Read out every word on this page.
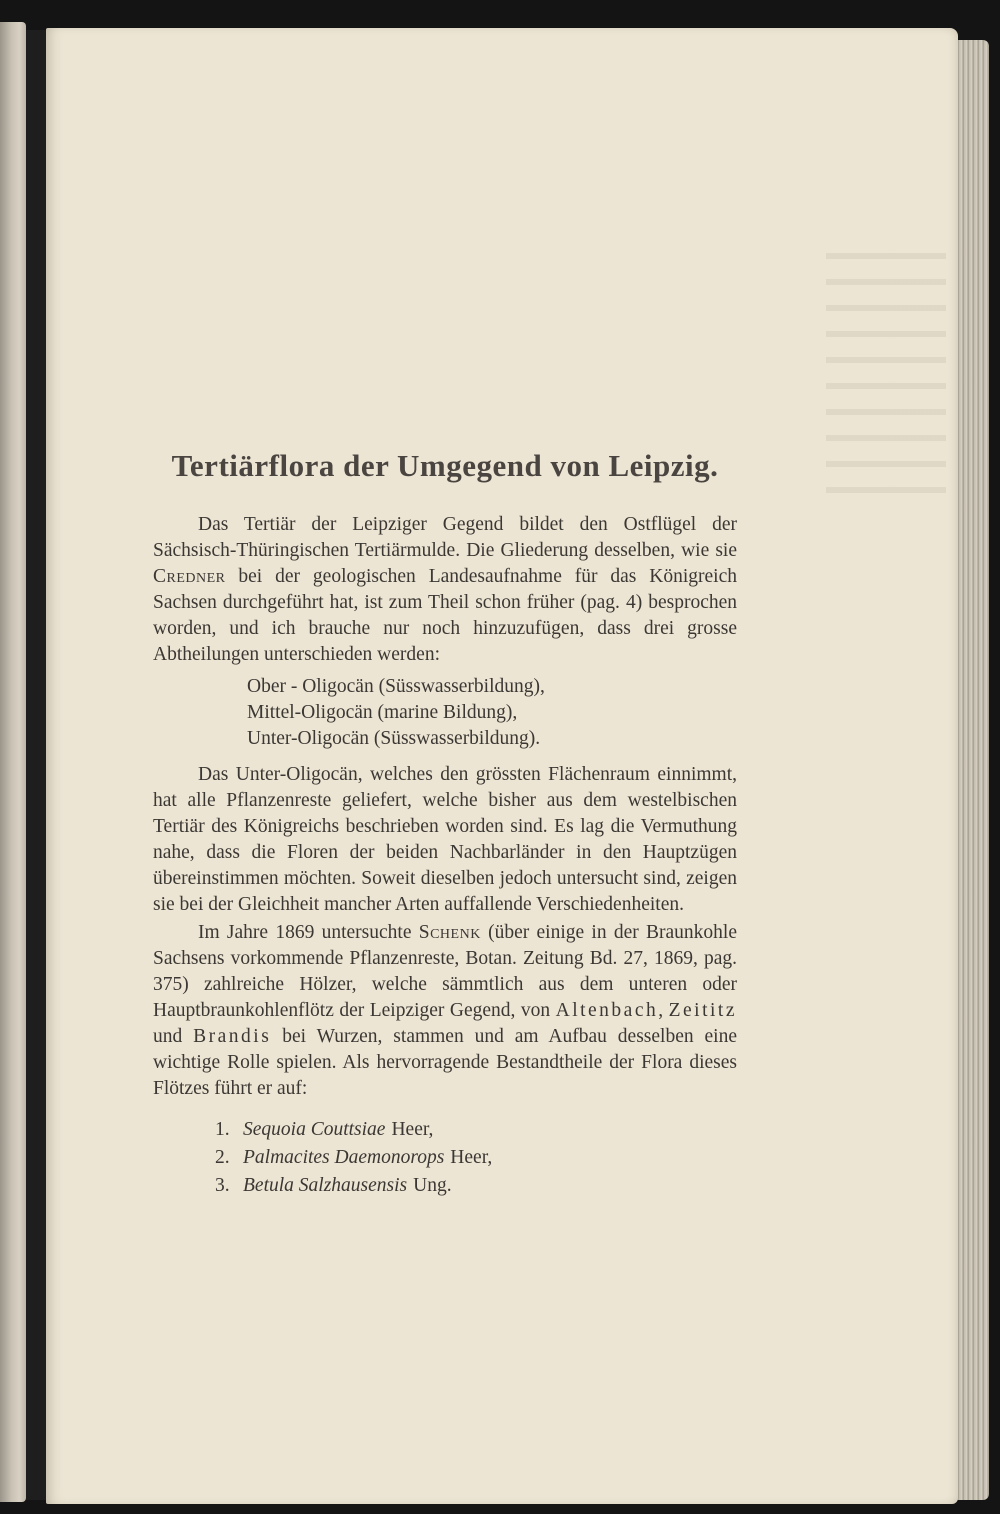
Tertiärflora der Umgegend von Leipzig.

Das Tertiär der Leipziger Gegend bildet den Ostflügel der Sächsisch-Thüringischen Tertiärmulde. Die Gliederung desselben, wie sie Credner bei der geologischen Landesaufnahme für das Königreich Sachsen durchgeführt hat, ist zum Theil schon früher (pag. 4) besprochen worden, und ich brauche nur noch hinzuzufügen, dass drei grosse Abtheilungen unterschieden werden:

Ober - Oligocän (Süsswasserbildung),
Mittel-Oligocän (marine Bildung),
Unter-Oligocän (Süsswasserbildung).

Das Unter-Oligocän, welches den grössten Flächenraum einnimmt, hat alle Pflanzenreste geliefert, welche bisher aus dem westelbischen Tertiär des Königreichs beschrieben worden sind. Es lag die Vermuthung nahe, dass die Floren der beiden Nachbarländer in den Hauptzügen übereinstimmen möchten. Soweit dieselben jedoch untersucht sind, zeigen sie bei der Gleichheit mancher Arten auffallende Verschiedenheiten.

Im Jahre 1869 untersuchte Schenk (über einige in der Braunkohle Sachsens vorkommende Pflanzenreste, Botan. Zeitung Bd. 27, 1869, pag. 375) zahlreiche Hölzer, welche sämmtlich aus dem unteren oder Hauptbraunkohlenflötz der Leipziger Gegend, von Altenbach, Zeititz und Brandis bei Wurzen, stammen und am Aufbau desselben eine wichtige Rolle spielen. Als hervorragende Bestandtheile der Flora dieses Flötzes führt er auf:

1. Sequoia Couttsiae Heer,
2. Palmacites Daemonorops Heer,
3. Betula Salzhausensis Ung.
